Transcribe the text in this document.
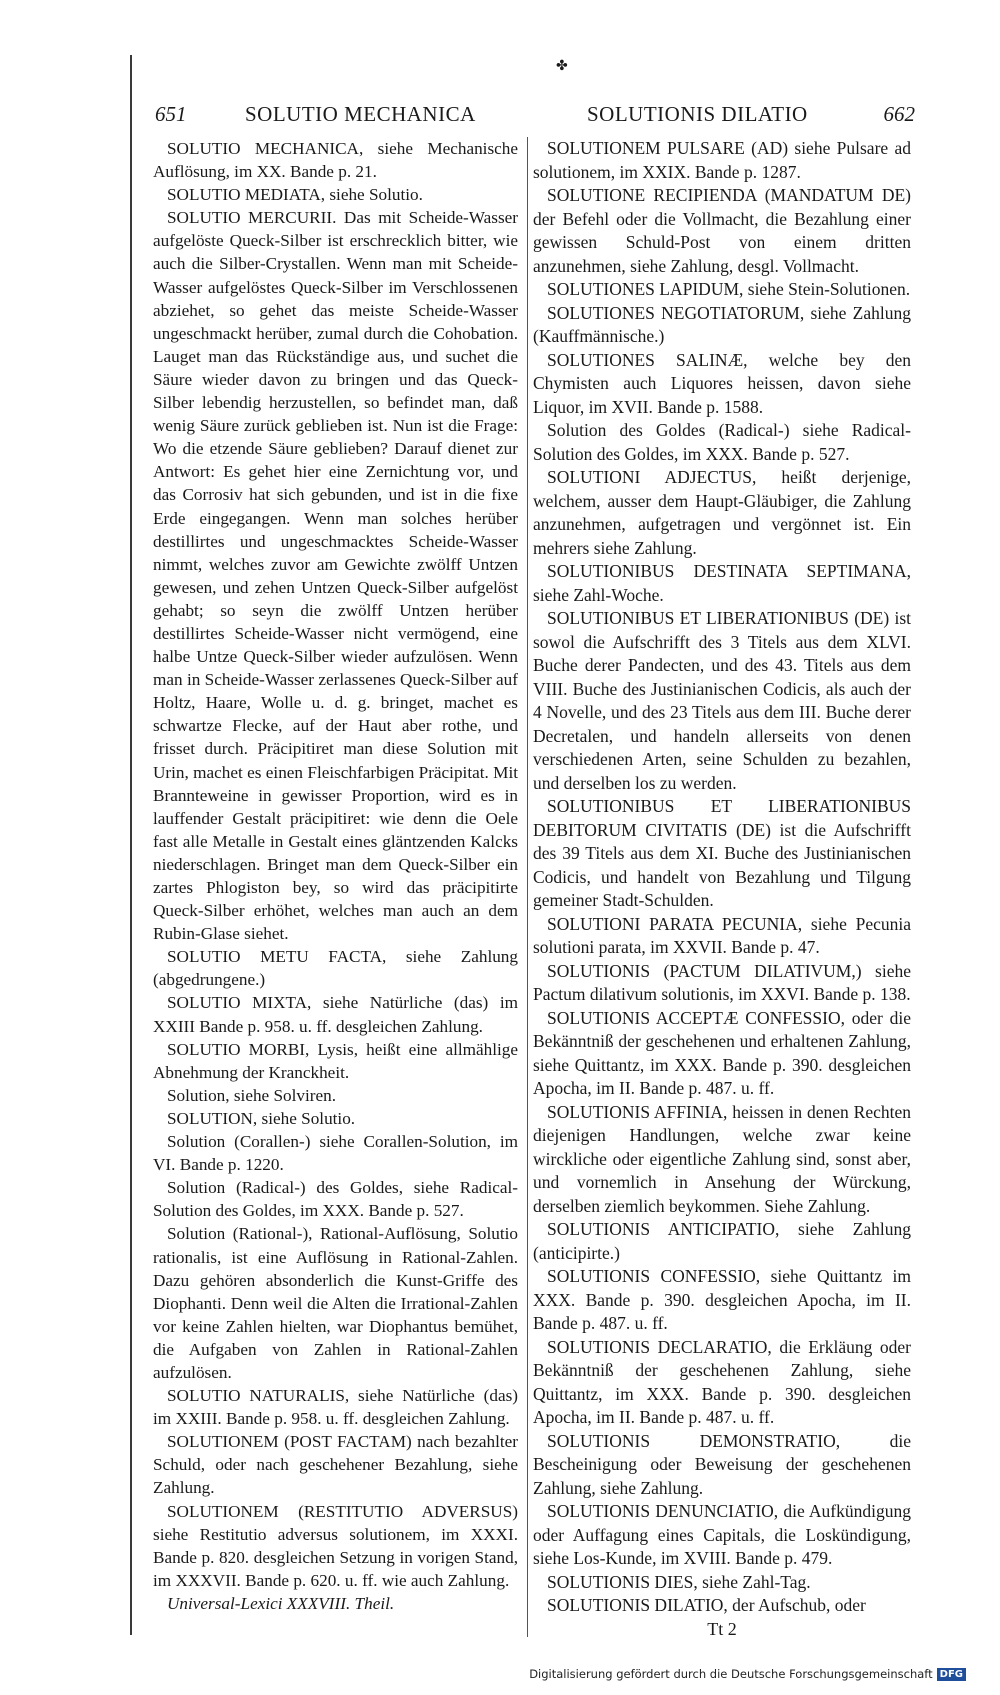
✤
651	SOLUTIO MECHANICA	SOLUTIONIS DILATIO	662

SOLUTIO MECHANICA, siehe Mechanische Auflösung, im XX. Bande p. 21.

SOLUTIO MEDIATA, siehe Solutio.

SOLUTIO MERCURII. Das mit Scheide-Wasser aufgelöste Queck-Silber ist erschrecklich bitter, wie auch die Silber-Crystallen. Wenn man mit Scheide-Wasser aufgelöstes Queck-Silber im Verschlossenen abziehet, so gehet das meiste Scheide-Wasser ungeschmackt herüber, zumal durch die Cohobation. Lauget man das Rückständige aus, und suchet die Säure wieder davon zu bringen und das Queck-Silber lebendig herzustellen, so befindet man, daß wenig Säure zurück geblieben ist. Nun ist die Frage: Wo die etzende Säure geblieben? Darauf dienet zur Antwort: Es gehet hier eine Zernichtung vor, und das Corrosiv hat sich gebunden, und ist in die fixe Erde eingegangen. Wenn man solches herüber destillirtes und ungeschmacktes Scheide-Wasser nimmt, welches zuvor am Gewichte zwölff Untzen gewesen, und zehen Untzen Queck-Silber aufgelöst gehabt; so seyn die zwölff Untzen herüber destillirtes Scheide-Wasser nicht vermögend, eine halbe Untze Queck-Silber wieder aufzulösen. Wenn man in Scheide-Wasser zerlassenes Queck-Silber auf Holtz, Haare, Wolle u. d. g. bringet, machet es schwartze Flecke, auf der Haut aber rothe, und frisset durch. Präcipitiret man diese Solution mit Urin, machet es einen Fleischfarbigen Präcipitat. Mit Brannteweine in gewisser Proportion, wird es in lauffender Gestalt präcipitiret: wie denn die Oele fast alle Metalle in Gestalt eines gläntzenden Kalcks niederschlagen. Bringet man dem Queck-Silber ein zartes Phlogiston bey, so wird das präcipitirte Queck-Silber erhöhet, welches man auch an dem Rubin-Glase siehet.

SOLUTIO METU FACTA, siehe Zahlung (abgedrungene.)

SOLUTIO MIXTA, siehe Natürliche (das) im XXIII Bande p. 958. u. ff. desgleichen Zahlung.

SOLUTIO MORBI, Lysis, heißt eine allmählige Abnehmung der Kranckheit.

Solution, siehe Solviren.

SOLUTION, siehe Solutio.

Solution (Corallen-) siehe Corallen-Solution, im VI. Bande p. 1220.

Solution (Radical-) des Goldes, siehe Radical-Solution des Goldes, im XXX. Bande p. 527.

Solution (Rational-), Rational-Auflösung, Solutio rationalis, ist eine Auflösung in Rational-Zahlen. Dazu gehören absonderlich die Kunst-Griffe des Diophanti. Denn weil die Alten die Irrational-Zahlen vor keine Zahlen hielten, war Diophantus bemühet, die Aufgaben von Zahlen in Rational-Zahlen aufzulösen.

SOLUTIO NATURALIS, siehe Natürliche (das) im XXIII. Bande p. 958. u. ff. desgleichen Zahlung.

SOLUTIONEM (POST FACTAM) nach bezahlter Schuld, oder nach geschehener Bezahlung, siehe Zahlung.

SOLUTIONEM (RESTITUTIO ADVERSUS) siehe Restitutio adversus solutionem, im XXXI. Bande p. 820. desgleichen Setzung in vorigen Stand, im XXXVII. Bande p. 620. u. ff. wie auch Zahlung.

Universal-Lexici XXXVIII. Theil.

SOLUTIONEM PULSARE (AD) siehe Pulsare ad solutionem, im XXIX. Bande p. 1287.

SOLUTIONE RECIPIENDA (MANDATUM DE) der Befehl oder die Vollmacht, die Bezahlung einer gewissen Schuld-Post von einem dritten anzunehmen, siehe Zahlung, desgl. Vollmacht.

SOLUTIONES LAPIDUM, siehe Stein-Solutionen.

SOLUTIONES NEGOTIATORUM, siehe Zahlung (Kauffmännische.)

SOLUTIONES SALINÆ, welche bey den Chymisten auch Liquores heissen, davon siehe Liquor, im XVII. Bande p. 1588.

Solution des Goldes (Radical-) siehe Radical-Solution des Goldes, im XXX. Bande p. 527.

SOLUTIONI ADJECTUS, heißt derjenige, welchem, ausser dem Haupt-Gläubiger, die Zahlung anzunehmen, aufgetragen und vergönnet ist. Ein mehrers siehe Zahlung.

SOLUTIONIBUS DESTINATA SEPTIMANA, siehe Zahl-Woche.

SOLUTIONIBUS ET LIBERATIONIBUS (DE) ist sowol die Aufschrifft des 3 Titels aus dem XLVI. Buche derer Pandecten, und des 43. Titels aus dem VIII. Buche des Justinianischen Codicis, als auch der 4 Novelle, und des 23 Titels aus dem III. Buche derer Decretalen, und handeln allerseits von denen verschiedenen Arten, seine Schulden zu bezahlen, und derselben los zu werden.

SOLUTIONIBUS ET LIBERATIONIBUS DEBITORUM CIVITATIS (DE) ist die Aufschrifft des 39 Titels aus dem XI. Buche des Justinianischen Codicis, und handelt von Bezahlung und Tilgung gemeiner Stadt-Schulden.

SOLUTIONI PARATA PECUNIA, siehe Pecunia solutioni parata, im XXVII. Bande p. 47.

SOLUTIONIS (PACTUM DILATIVUM,) siehe Pactum dilativum solutionis, im XXVI. Bande p. 138.

SOLUTIONIS ACCEPTÆ CONFESSIO, oder die Bekänntniß der geschehenen und erhaltenen Zahlung, siehe Quittantz, im XXX. Bande p. 390. desgleichen Apocha, im II. Bande p. 487. u. ff.

SOLUTIONIS AFFINIA, heissen in denen Rechten diejenigen Handlungen, welche zwar keine wirckliche oder eigentliche Zahlung sind, sonst aber, und vornemlich in Ansehung der Würckung, derselben ziemlich beykommen. Siehe Zahlung.

SOLUTIONIS ANTICIPATIO, siehe Zahlung (anticipirte.)

SOLUTIONIS CONFESSIO, siehe Quittantz im XXX. Bande p. 390. desgleichen Apocha, im II. Bande p. 487. u. ff.

SOLUTIONIS DECLARATIO, die Erkläung oder Bekänntniß der geschehenen Zahlung, siehe Quittantz, im XXX. Bande p. 390. desgleichen Apocha, im II. Bande p. 487. u. ff.

SOLUTIONIS DEMONSTRATIO, die Bescheinigung oder Beweisung der geschehenen Zahlung, siehe Zahlung.

SOLUTIONIS DENUNCIATIO, die Aufkündigung oder Auffagung eines Capitals, die Loskündigung, siehe Los-Kunde, im XVIII. Bande p. 479.

SOLUTIONIS DIES, siehe Zahl-Tag.

SOLUTIONIS DILATIO, der Aufschub, oder

Tt 2

Digitalisierung gefördert durch die Deutsche Forschungsgemeinschaft DFG
